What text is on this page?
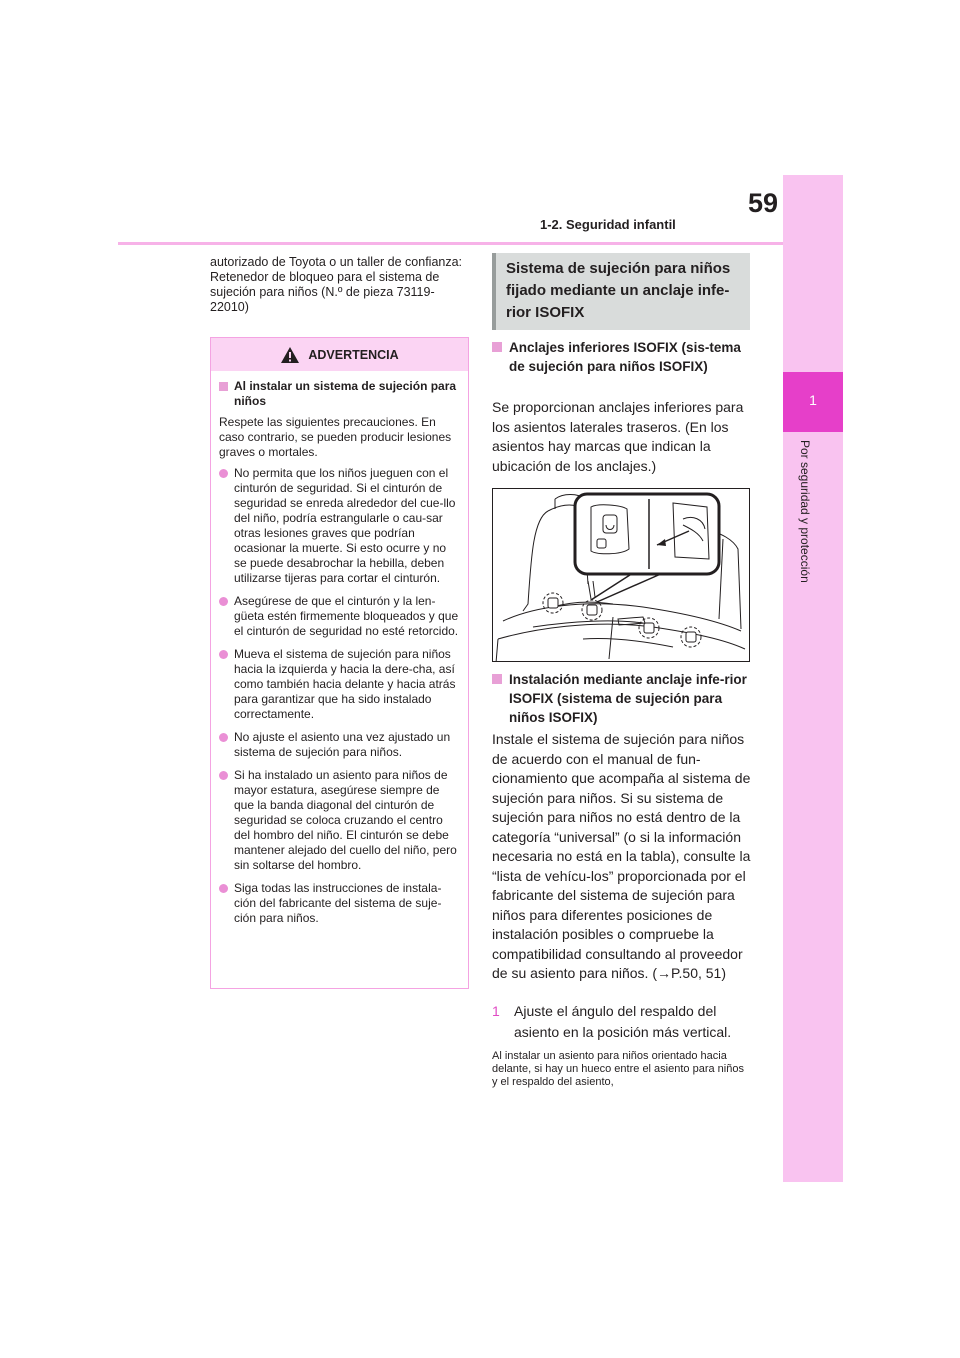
59
1-2. Seguridad infantil
1
Por seguridad y protección

autorizado de Toyota o un taller de confianza: Retenedor de bloqueo para el sistema de sujeción para niños (N.º de pieza 73119-22010)

ADVERTENCIA
Al instalar un sistema de sujeción para niños

Respete las siguientes precauciones. En caso contrario, se pueden producir lesiones graves o mortales.

No permita que los niños jueguen con el cinturón de seguridad. Si el cinturón de seguridad se enreda alrededor del cue-llo del niño, podría estrangularle o cau-sar otras lesiones graves que podrían ocasionar la muerte. Si esto ocurre y no se puede desabrochar la hebilla, deben utilizarse tijeras para cortar el cinturón.
Asegúrese de que el cinturón y la len-güeta estén firmemente bloqueados y que el cinturón de seguridad no esté retorcido.
Mueva el sistema de sujeción para niños hacia la izquierda y hacia la dere-cha, así como también hacia delante y hacia atrás para garantizar que ha sido instalado correctamente.
No ajuste el asiento una vez ajustado un sistema de sujeción para niños.
Si ha instalado un asiento para niños de mayor estatura, asegúrese siempre de que la banda diagonal del cinturón de seguridad se coloca cruzando el centro del hombro del niño. El cinturón se debe mantener alejado del cuello del niño, pero sin soltarse del hombro.
Siga todas las instrucciones de instala-ción del fabricante del sistema de suje-ción para niños.
Sistema de sujeción para niños fijado mediante un anclaje infe-rior ISOFIX
Anclajes inferiores ISOFIX (sis-tema de sujeción para niños ISOFIX)

Se proporcionan anclajes inferiores para los asientos laterales traseros. (En los asientos hay marcas que indican la ubicación de los anclajes.)

Instalación mediante anclaje infe-rior ISOFIX (sistema de sujeción para niños ISOFIX)

Instale el sistema de sujeción para niños de acuerdo con el manual de fun-cionamiento que acompaña al sistema de sujeción para niños. Si su sistema de sujeción para niños no está dentro de la categoría “universal” (o si la información necesaria no está en la tabla), consulte la “lista de vehícu-los” proporcionada por el fabricante del sistema de sujeción para niños para diferentes posiciones de instalación posibles o compruebe la compatibilidad consultando al proveedor de su asiento para niños. (→P.50, 51)

1	Ajuste el ángulo del respaldo del asiento en la posición más vertical.

Al instalar un asiento para niños orientado hacia delante, si hay un hueco entre el asiento para niños y el respaldo del asiento,
